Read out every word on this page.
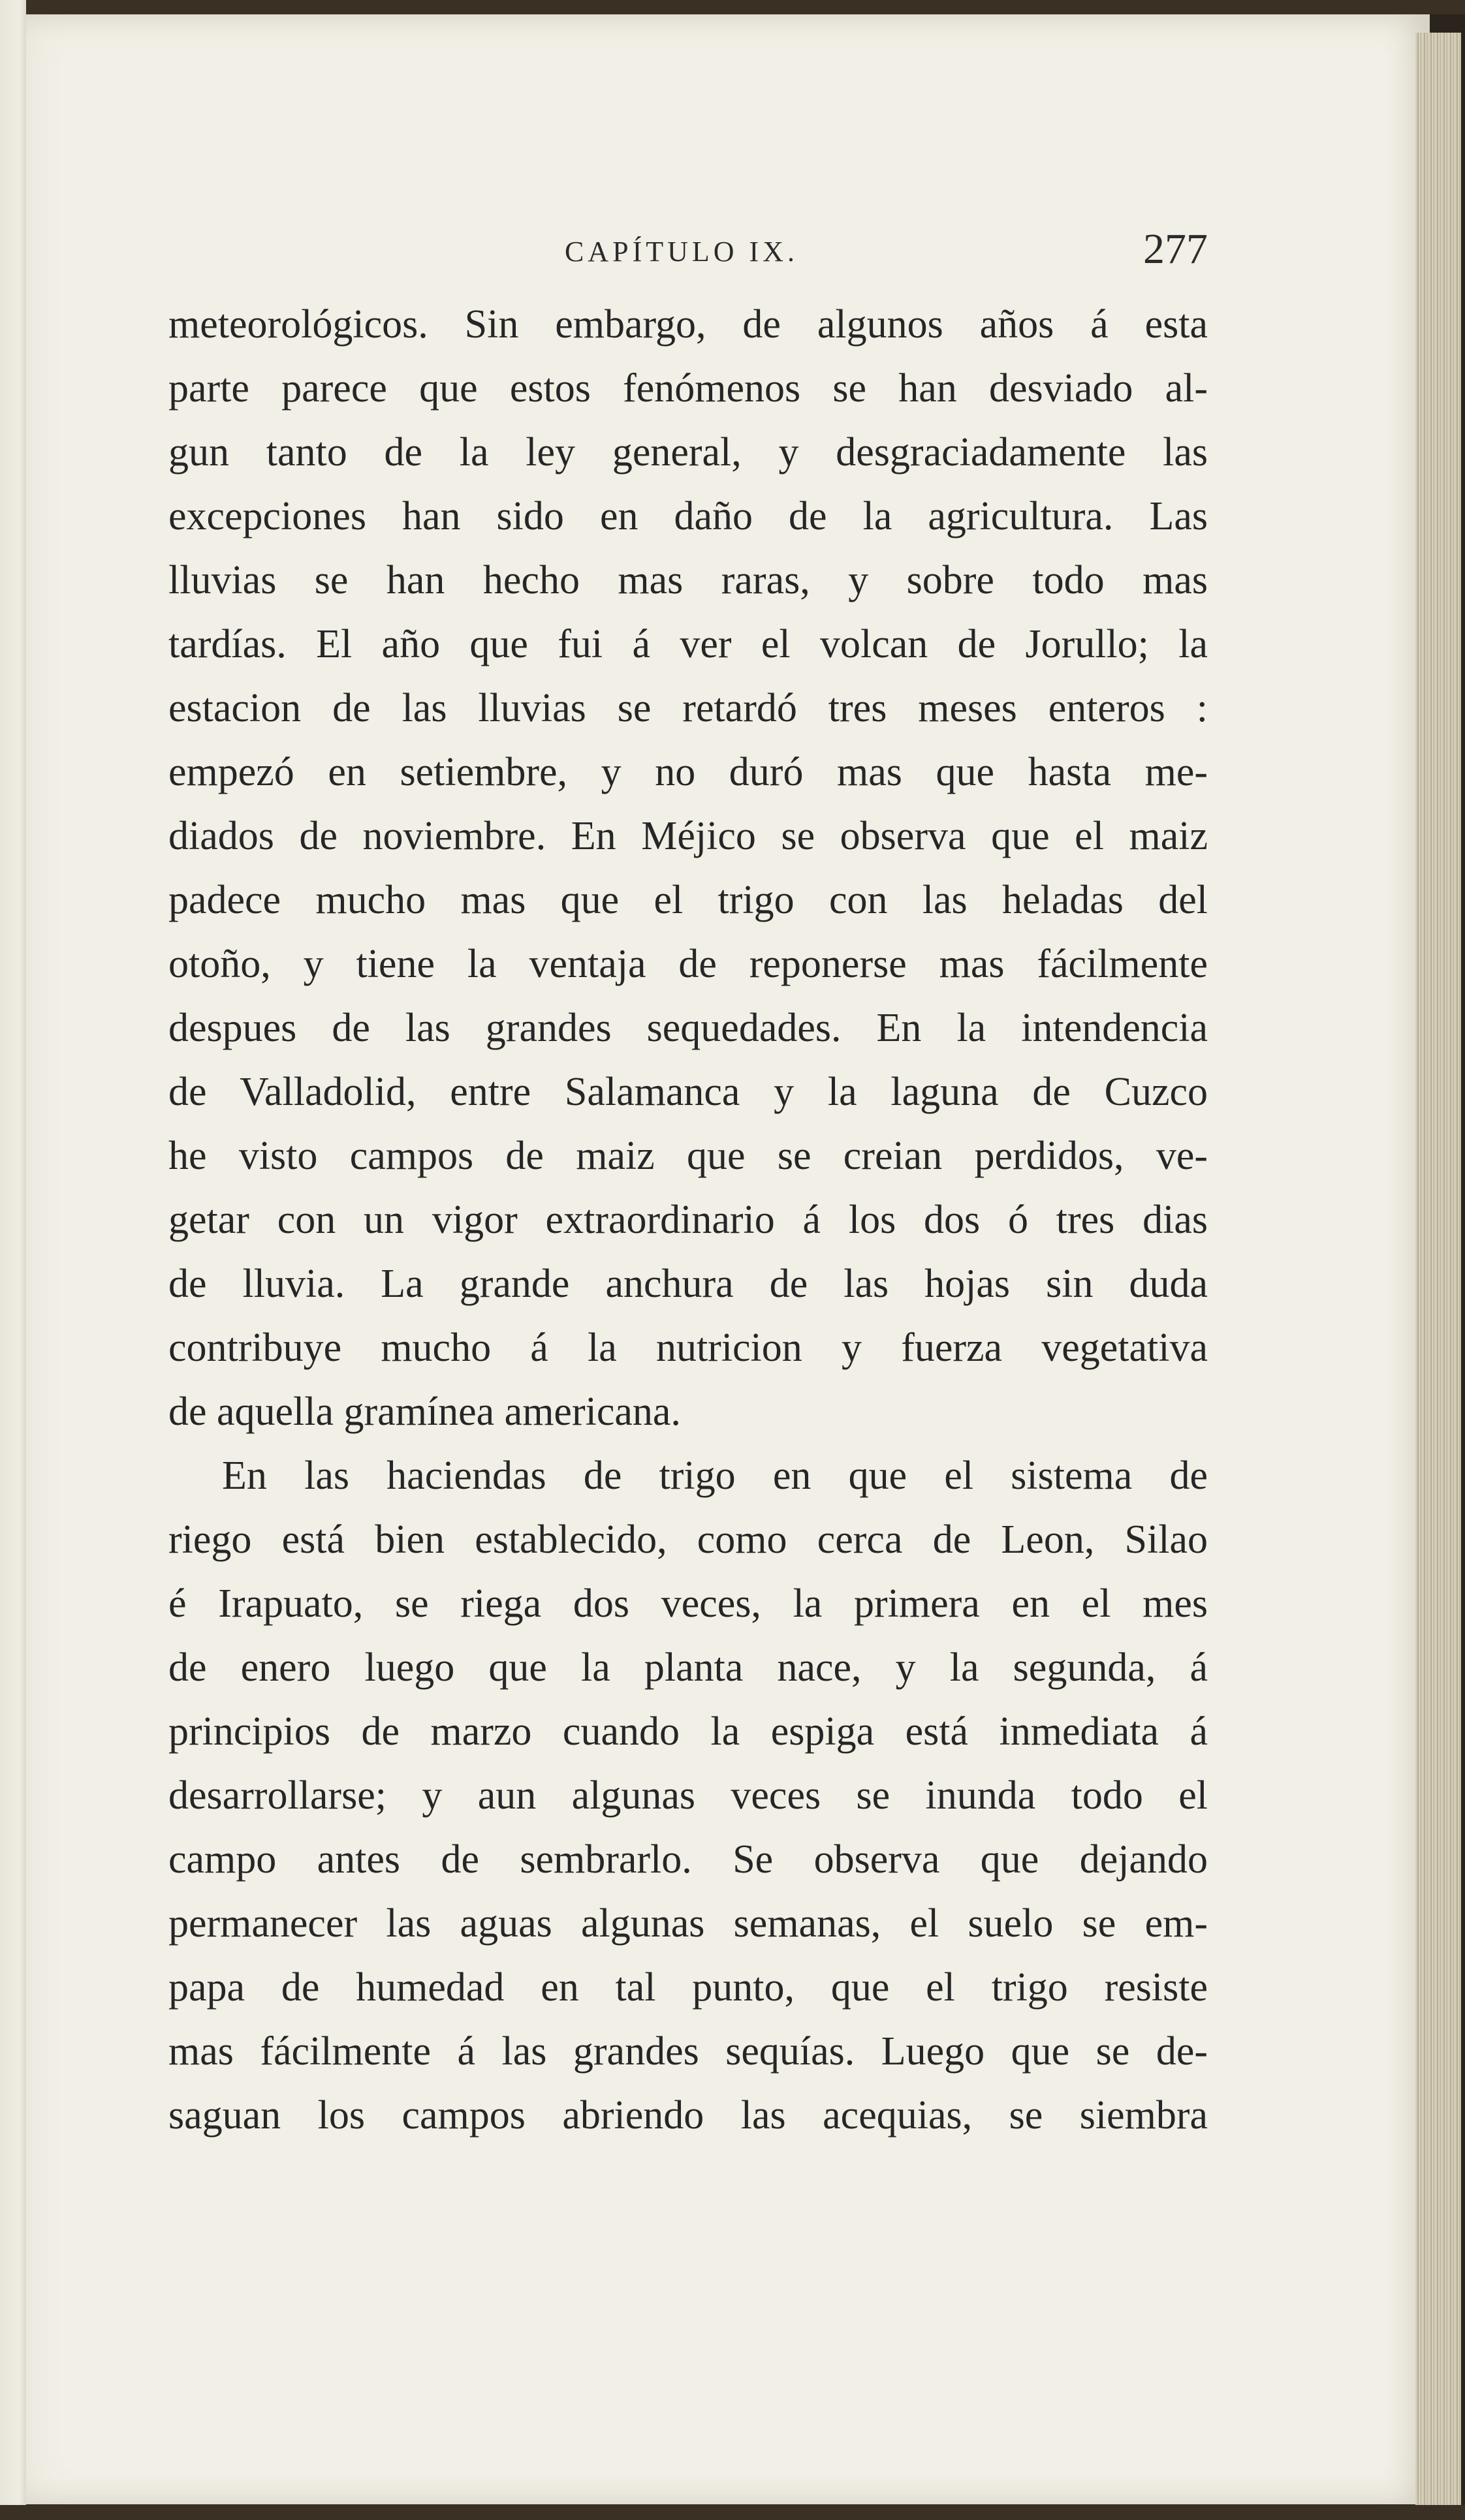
CAPÍTULO IX.	277
meteorológicos. Sin embargo, de algunos años á esta
parte parece que estos fenómenos se han desviado al-
gun tanto de la ley general, y desgraciadamente las
excepciones han sido en daño de la agricultura. Las
lluvias se han hecho mas raras, y sobre todo mas
tardías. El año que fui á ver el volcan de Jorullo; la
estacion de las lluvias se retardó tres meses enteros :
empezó en setiembre, y no duró mas que hasta me-
diados de noviembre. En Méjico se observa que el maiz
padece mucho mas que el trigo con las heladas del
otoño, y tiene la ventaja de reponerse mas fácilmente
despues de las grandes sequedades. En la intendencia
de Valladolid, entre Salamanca y la laguna de Cuzco
he visto campos de maiz que se creian perdidos, ve-
getar con un vigor extraordinario á los dos ó tres dias
de lluvia. La grande anchura de las hojas sin duda
contribuye mucho á la nutricion y fuerza vegetativa
de aquella gramínea americana.
En las haciendas de trigo en que el sistema de
riego está bien establecido, como cerca de Leon, Silao
é Irapuato, se riega dos veces, la primera en el mes
de enero luego que la planta nace, y la segunda, á
principios de marzo cuando la espiga está inmediata á
desarrollarse; y aun algunas veces se inunda todo el
campo antes de sembrarlo. Se observa que dejando
permanecer las aguas algunas semanas, el suelo se em-
papa de humedad en tal punto, que el trigo resiste
mas fácilmente á las grandes sequías. Luego que se de-
saguan los campos abriendo las acequias, se siembra
